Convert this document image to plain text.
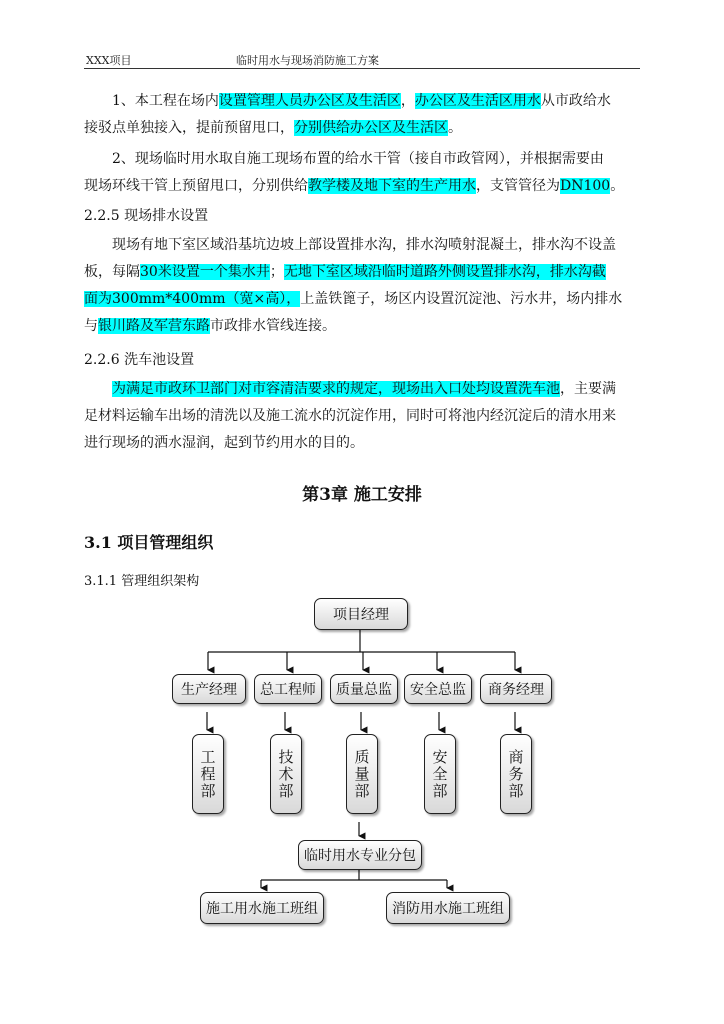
XXX项目	临时用水与现场消防施工方案
1、本工程在场内设置管理人员办公区及生活区，办公区及生活区用水从市政给水
接驳点单独接入，提前预留甩口，分别供给办公区及生活区。
2、现场临时用水取自施工现场布置的给水干管（接自市政管网），并根据需要由
现场环线干管上预留甩口，分别供给教学楼及地下室的生产用水，支管管径为DN100。
2.2.5 现场排水设置
现场有地下室区域沿基坑边坡上部设置排水沟，排水沟喷射混凝土，排水沟不设盖
板，每隔30米设置一个集水井；无地下室区域沿临时道路外侧设置排水沟，排水沟截
面为300mm*400mm（宽×高），上盖铁篦子，场区内设置沉淀池、污水井，场内排水
与银川路及军营东路市政排水管线连接。
2.2.6 洗车池设置
为满足市政环卫部门对市容清洁要求的规定，现场出入口处均设置洗车池，主要满
足材料运输车出场的清洗以及施工流水的沉淀作用，同时可将池内经沉淀后的清水用来
进行现场的洒水湿润，起到节约用水的目的。
第3章 施工安排
3.1 项目管理组织
3.1.1 管理组织架构
项目经理
生产经理	总工程师	质量总监	安全总监	商务经理
工程部	技术部	质量部	安全部	商务部
临时用水专业分包
施工用水施工班组	消防用水施工班组
